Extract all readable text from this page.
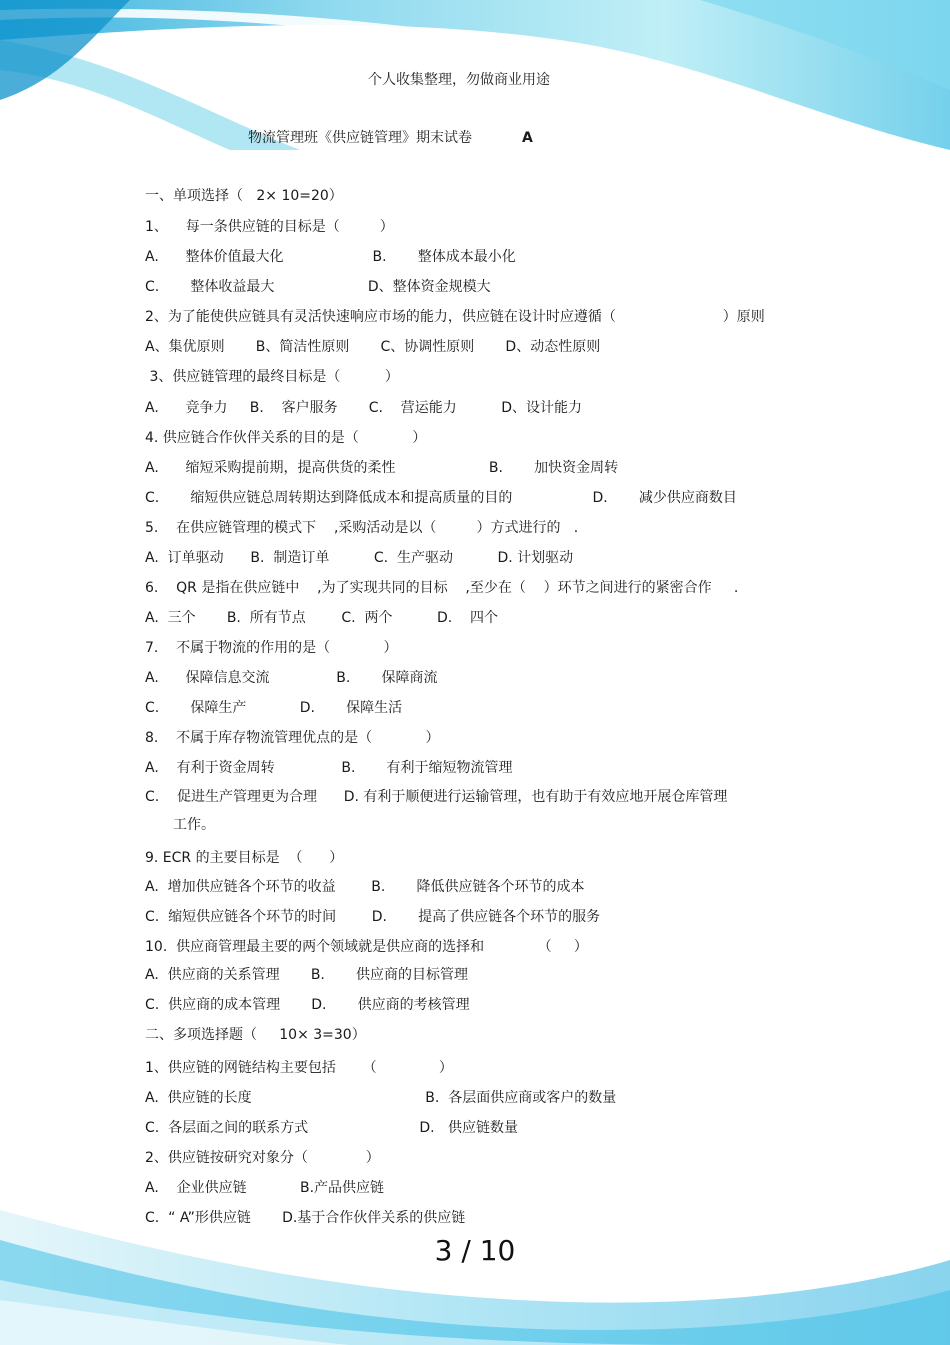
个人收集整理，勿做商业用途
物流管理班《供应链管理》期末试卷	A
一、单项选择（   2× 10=20）
1、    每一条供应链的目标是（         ）
A.      整体价值最大化                    B.       整体成本最小化
C.       整体收益最大                     D、整体资金规模大
2、为了能使供应链具有灵活快速响应市场的能力，供应链在设计时应遵循（                        ）原则
A、集优原则       B、简洁性原则       C、协调性原则       D、动态性原则
3、供应链管理的最终目标是（          ）
A.      竞争力     B.    客户服务       C.    营运能力          D、设计能力
4. 供应链合作伙伴关系的目的是（            ）
A.      缩短采购提前期，提高供货的柔性                     B.       加快资金周转
C.       缩短供应链总周转期达到降低成本和提高质量的目的                  D.       减少供应商数目
5.    在供应链管理的模式下    ,采购活动是以（         ）方式进行的   .
A.  订单驱动      B.  制造订单          C.  生产驱动          D. 计划驱动
6.    QR 是指在供应链中    ,为了实现共同的目标    ,至少在（    ）环节之间进行的紧密合作     .
A.  三个       B.  所有节点        C.  两个          D.    四个
7.    不属于物流的作用的是（            ）
A.      保障信息交流               B.       保障商流
C.       保障生产            D.       保障生活
8.    不属于库存物流管理优点的是（            ）
A.    有利于资金周转               B.       有利于缩短物流管理
C.    促进生产管理更为合理      D. 有利于顺便进行运输管理，也有助于有效应地开展仓库管理
工作。
9. ECR 的主要目标是  （      ）
A.  增加供应链各个环节的收益        B.       降低供应链各个环节的成本
C.  缩短供应链各个环节的时间        D.       提高了供应链各个环节的服务
10.  供应商管理最主要的两个领域就是供应商的选择和            （     ）
A.  供应商的关系管理       B.       供应商的目标管理
C.  供应商的成本管理       D.       供应商的考核管理
二、多项选择题（     10× 3=30）
1、供应链的网链结构主要包括      （              ）
A.  供应链的长度                                       B.  各层面供应商或客户的数量
C.  各层面之间的联系方式                         D.   供应链数量
2、供应链按研究对象分（             ）
A.    企业供应链            B.产品供应链
C.  “ A”形供应链       D.基于合作伙伴关系的供应链
3 / 10
